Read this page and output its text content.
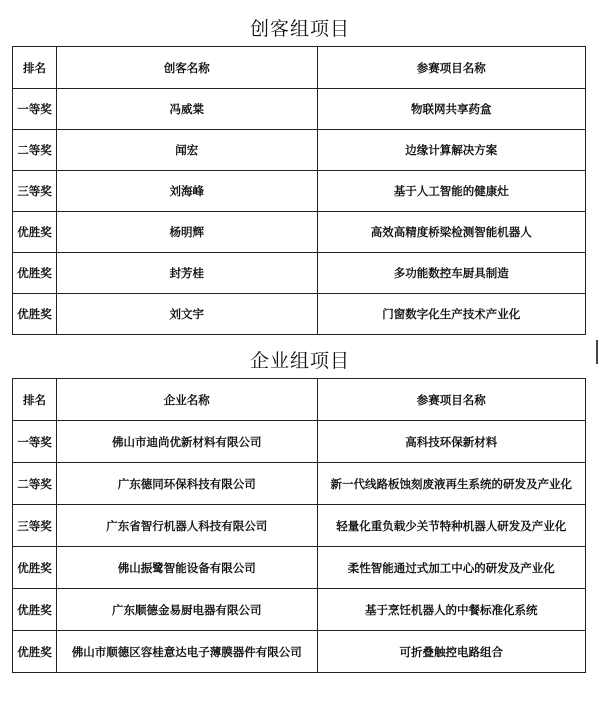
创客组项目
排名	创客名称	参赛项目名称
一等奖	冯威棠	物联网共享药盒
二等奖	闻宏	边缘计算解决方案
三等奖	刘海峰	基于人工智能的健康灶
优胜奖	杨明辉	高效高精度桥梁检测智能机器人
优胜奖	封芳桂	多功能数控车厨具制造
优胜奖	刘文宇	门窗数字化生产技术产业化
企业组项目
排名	企业名称	参赛项目名称
一等奖	佛山市迪尚优新材料有限公司	高科技环保新材料
二等奖	广东德同环保科技有限公司	新一代线路板蚀刻废液再生系统的研发及产业化
三等奖	广东省智行机器人科技有限公司	轻量化重负载少关节特种机器人研发及产业化
优胜奖	佛山振鹭智能设备有限公司	柔性智能通过式加工中心的研发及产业化
优胜奖	广东顺德金易厨电器有限公司	基于烹饪机器人的中餐标准化系统
优胜奖	佛山市顺德区容桂意达电子薄膜器件有限公司	可折叠触控电路组合
